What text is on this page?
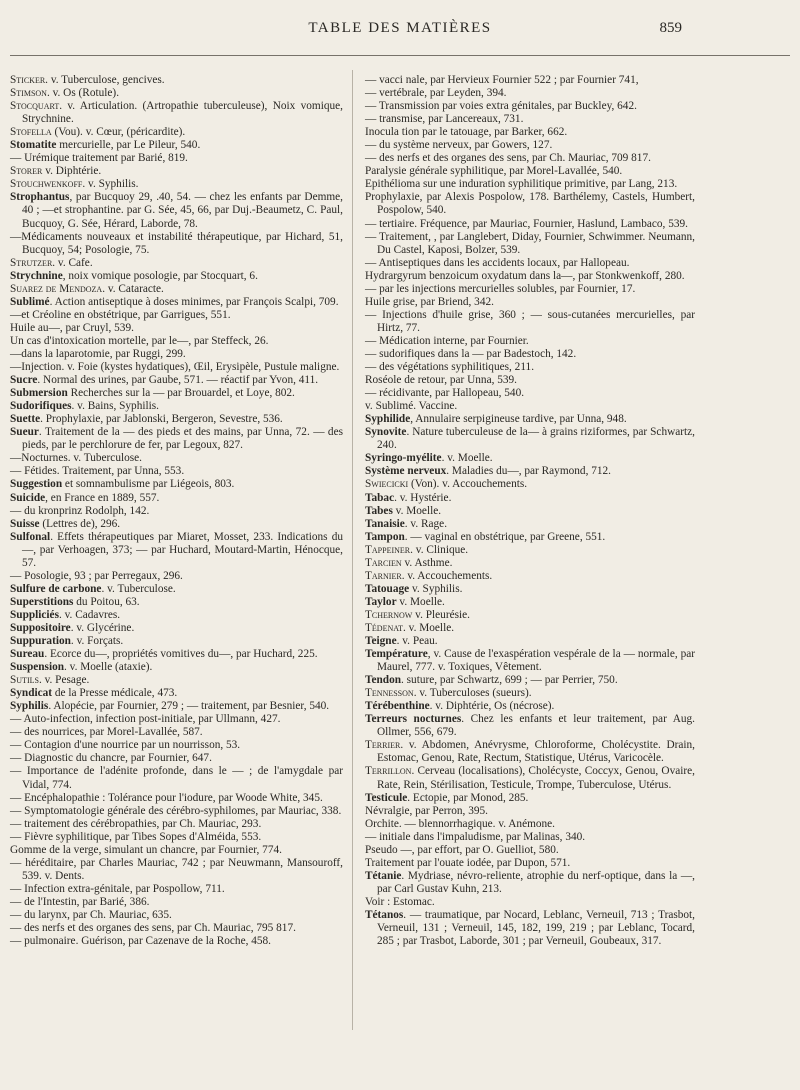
TABLE DES MATIÈRES	859
Sticker. v. Tuberculose, gencives.
Stimson. v. Os (Rotule).
Stocquart. v. Articulation. (Artropathie tuberculeuse), Noix vomique, Strychnine.
Stofella (Vou). v. Cœur, (péricardite).
Stomatite mercurielle, par Le Pileur, 540.
— Urémique traitement par Barié, 819.
Storer v. Diphtérie.
Stouchwenkoff. v. Syphilis.
Strophantus, par Bucquoy 29, .40, 54. — chez les enfants par Demme, 40 ; —et strophantine. par G. Sée, 45, 66, par Duj.-Beaumetz, C. Paul, Bucquoy, G. Sée, Hérard, Laborde, 78.
—Médicaments nouveaux et instabilité thérapeutique, par Hichard, 51, Bucquoy, 54; Posologie, 75.
Strutzer. v. Cafe.
Strychnine, noix vomique posologie, par Stocquart, 6.
Suarez de Mendoza. v. Cataracte.
Sublimé. Action antiseptique à doses minimes, par François Scalpi, 709.
—et Créoline en obstétrique, par Garrigues, 551.
Huile au—, par Cruyl, 539.
Un cas d'intoxication mortelle, par le—, par Steffeck, 26.
—dans la laparotomie, par Ruggi, 299.
—Injection. v. Foie (kystes hydatiques), Œil, Erysipèle, Pustule maligne.
Sucre. Normal des urines, par Gaube, 571. — réactif par Yvon, 411.
Submersion Recherches sur la — par Brouardel, et Loye, 802.
Sudorifiques. v. Bains, Syphilis.
Suette. Prophylaxie, par Jablonski, Bergeron, Sevestre, 536.
Sueur. Traitement de la — des pieds et des mains, par Unna, 72. — des pieds, par le perchlorure de fer, par Legoux, 827.
—Nocturnes. v. Tuberculose.
— Fétides. Traitement, par Unna, 553.
Suggestion et somnambulisme par Liégeois, 803.
Suicide, en France en 1889, 557.
— du kronprinz Rodolph, 142.
Suisse (Lettres de), 296.
Sulfonal. Effets thérapeutiques par Miaret, Mosset, 233. Indications du—, par Verhoagen, 373; — par Huchard, Moutard-Martin, Hénocque, 57.
— Posologie, 93 ; par Perregaux, 296.
Sulfure de carbone. v. Tuberculose.
Superstitions du Poitou, 63.
Suppliciés. v. Cadavres.
Suppositoire. v. Glycérine.
Suppuration. v. Forçats.
Sureau. Ecorce du—, propriétés vomitives du—, par Huchard, 225.
Suspension. v. Moelle (ataxie).
Sutils. v. Pesage.
Syndicat de la Presse médicale, 473.
Syphilis. Alopécie, par Fournier, 279 ; — traitement, par Besnier, 540.
— Auto-infection, infection post-initiale, par Ullmann, 427.
— des nourrices, par Morel-Lavallée, 587.
— Contagion d'une nourrice par un nourrisson, 53.
— Diagnostic du chancre, par Fournier, 647.
— Importance de l'adénite profonde, dans le — ; de l'amygdale par Vidal, 774.
— Encéphalopathie : Tolérance pour l'iodure, par Woode White, 345.
— Symptomatologie générale des cérébro-syphilomes, par Mauriac, 338.
— traitement des cérébropathies, par Ch. Mauriac, 293.
— Fièvre syphilitique, par Tibes Sopes d'Alméida, 553.
Gomme de la verge, simulant un chancre, par Fournier, 774.
— héréditaire, par Charles Mauriac, 742 ; par Neuwmann, Mansouroff, 539. v. Dents.
— Infection extra-génitale, par Pospollow, 711.
— de l'Intestin, par Barié, 386.
— du larynx, par Ch. Mauriac, 635.
— des nerfs et des organes des sens, par Ch. Mauriac, 795 817.
— pulmonaire. Guérison, par Cazenave de la Roche, 458.
— vacci nale, par Hervieux Fournier 522 ; par Fournier 741,
— vertébrale, par Leyden, 394.
— Transmission par voies extra génitales, par Buckley, 642.
— transmise, par Lancereaux, 731.
Inocula tion par le tatouage, par Barker, 662.
— du système nerveux, par Gowers, 127.
— des nerfs et des organes des sens, par Ch. Mauriac, 709 817.
Paralysie générale syphilitique, par Morel-Lavallée, 540.
Epithélioma sur une induration syphilitique primitive, par Lang, 213.
Prophylaxie, par Alexis Pospolow, 178. Barthélemy, Castels, Humbert, Pospolow, 540.
— tertiaire. Fréquence, par Mauriac, Fournier, Haslund, Lambaco, 539.
— Traitement, , par Langlebert, Diday, Fournier, Schwimmer. Neumann, Du Castel, Kaposi, Bolzer, 539.
— Antiseptiques dans les accidents locaux, par Hallopeau.
Hydrargyrum benzoicum oxydatum dans la—, par Stonkwenkoff, 280.
— par les injections mercurielles solubles, par Fournier, 17.
Huile grise, par Briend, 342.
— Injections d'huile grise, 360 ; — sous-cutanées mercurielles, par Hirtz, 77.
— Médication interne, par Fournier.
— sudorifiques dans la — par Badestoch, 142.
— des végétations syphilitiques, 211.
Roséole de retour, par Unna, 539.
— récidivante, par Hallopeau, 540.
v. Sublimé. Vaccine.
Syphilide, Annulaire serpigineuse tardive, par Unna, 948.
Synovite. Nature tuberculeuse de la— à grains riziformes, par Schwartz, 240.
Syringo-myélite. v. Moelle.
Système nerveux. Maladies du—, par Raymond, 712.
Swiecicki (Von). v. Accouchements.
Tabac. v. Hystérie.
Tabes v. Moelle.
Tanaisie. v. Rage.
Tampon. — vaginal en obstétrique, par Greene, 551.
Tappeiner. v. Clinique.
Tarcien v. Asthme.
Tarnier. v. Accouchements.
Tatouage v. Syphilis.
Taylor v. Moelle.
Tchernow v. Pleurésie.
Tédenat. v. Moelle.
Teigne. v. Peau.
Température, v. Cause de l'exaspération vespérale de la — normale, par Maurel, 777. v. Toxiques, Vêtement.
Tendon. suture, par Schwartz, 699 ; — par Perrier, 750.
Tennesson. v. Tuberculoses (sueurs).
Térébenthine. v. Diphtérie, Os (nécrose).
Terreurs nocturnes. Chez les enfants et leur traitement, par Aug. Ollmer, 556, 679.
Terrier. v. Abdomen, Anévrysme, Chloroforme, Cholécystite. Drain, Estomac, Genou, Rate, Rectum, Statistique, Utérus, Varicocèle.
Terrillon. Cerveau (localisations), Cholécyste, Coccyx, Genou, Ovaire, Rate, Rein, Stérilisation, Testicule, Trompe, Tuberculose, Utérus.
Testicule. Ectopie, par Monod, 285.
Névralgie, par Perron, 395.
Orchite. — blennorrhagique. v. Anémone.
— initiale dans l'impaludisme, par Malinas, 340.
Pseudo —, par effort, par O. Guelliot, 580.
Traitement par l'ouate iodée, par Dupon, 571.
Tétanie. Mydriase, névro-reliente, atrophie du nerf-optique, dans la —, par Carl Gustav Kuhn, 213.
Voir : Estomac.
Tétanos. — traumatique, par Nocard, Leblanc, Verneuil, 713 ; Trasbot, Verneuil, 131 ; Verneuil, 145, 182, 199, 219 ; par Leblanc, Tocard, 285 ; par Trasbot, Laborde, 301 ; par Verneuil, Goubeaux, 317.
